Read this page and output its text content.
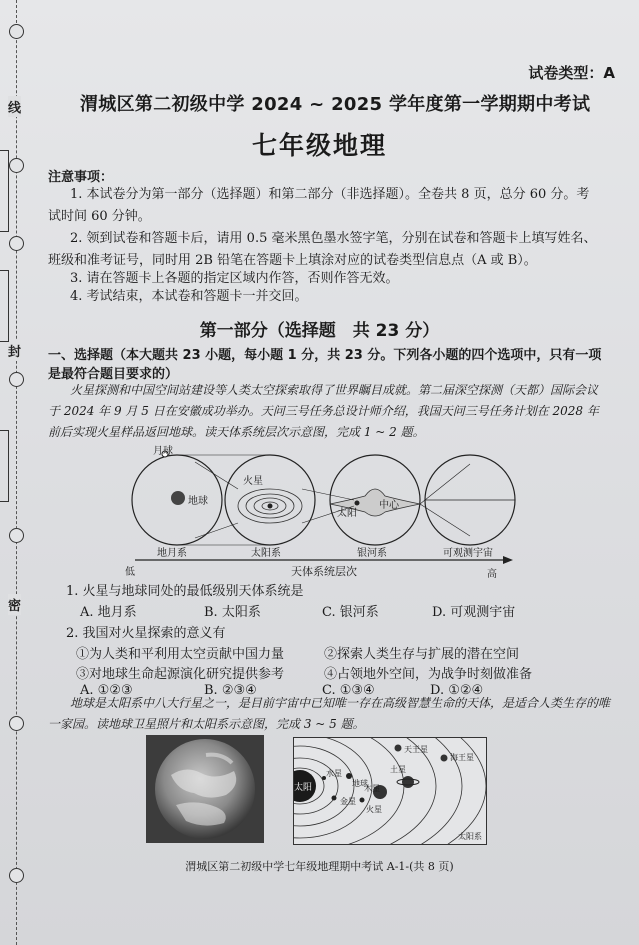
线
封
密
试卷类型：A
渭城区第二初级中学 2024 ~ 2025 学年度第一学期期中考试
七年级地理
注意事项：
1. 本试卷分为第一部分（选择题）和第二部分（非选择题）。全卷共 8 页，总分 60 分。考试时间 60 分钟。
2. 领到试卷和答题卡后，请用 0.5 毫米黑色墨水签字笔，分别在试卷和答题卡上填写姓名、班级和准考证号，同时用 2B 铅笔在答题卡上填涂对应的试卷类型信息点（A 或 B）。
3. 请在答题卡上各题的指定区域内作答，否则作答无效。
4. 考试结束，本试卷和答题卡一并交回。
第一部分（选择题　共 23 分）
一、选择题（本大题共 23 小题，每小题 1 分，共 23 分。下列各小题的四个选项中，只有一项是最符合题目要求的）
火星探测和中国空间站建设等人类太空探索取得了世界瞩目成就。第二届深空探测（天都）国际会议于 2024 年 9 月 5 日在安徽成功举办。天问三号任务总设计师介绍，我国天问三号任务计划在 2028 年前后实现火星样品返回地球。读天体系统层次示意图，完成 1 ~ 2 题。
月球
地球
火星
太阳
中心
地月系	太阳系	银河系	可观测宇宙
低	天体系统层次	高
1. 火星与地球同处的最低级别天体系统是
A. 地月系	B. 太阳系	C. 银河系	D. 可观测宇宙
2. 我国对火星探索的意义有
①为人类和平利用太空贡献中国力量	②探索人类生存与扩展的潜在空间
③对地球生命起源演化研究提供参考	④占领地外空间，为战争时刻做准备
A. ①②③	B. ②③④	C. ①③④	D. ①②④
地球是太阳系中八大行星之一，是目前宇宙中已知唯一存在高级智慧生命的天体，是适合人类生存的唯一家园。读地球卫星照片和太阳系示意图，完成 3 ~ 5 题。
太阳
水星
金星
地球
火星
木星
土星
天王星
海王星
太阳系
渭城区第二初级中学七年级地理期中考试 A-1-(共 8 页)
